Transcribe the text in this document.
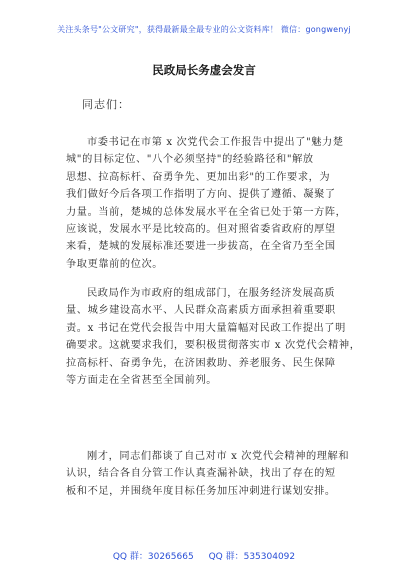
关注头条号"公文研究"，获得最新最全最专业的公文资料库！ 微信：gongwenyj
民政局长务虚会发言
同志们：
市委书记在市第 x 次党代会工作报告中提出了"魅力楚
城"的目标定位、"八个必须坚持"的经验路径和"解放
思想、拉高标杆、奋勇争先、更加出彩"的工作要求，为
我们做好今后各项工作指明了方向、提供了遵循、凝聚了
力量。当前，楚城的总体发展水平在全省已处于第一方阵，
应该说，发展水平是比较高的。但对照省委省政府的厚望
来看，楚城的发展标准还要进一步拔高，在全省乃至全国
争取更靠前的位次。
民政局作为市政府的组成部门，在服务经济发展高质
量、城乡建设高水平、人民群众高素质方面承担着重要职
责。x 书记在党代会报告中用大量篇幅对民政工作提出了明
确要求。这就要求我们，要积极贯彻落实市 x 次党代会精神，
拉高标杆、奋勇争先，在济困救助、养老服务、民生保障
等方面走在全省甚至全国前列。
刚才，同志们都谈了自己对市 x 次党代会精神的理解和
认识，结合各自分管工作认真查漏补缺，找出了存在的短
板和不足，并围绕年度目标任务加压冲刺进行谋划安排。
QQ 群：30265665 QQ 群：535304092
